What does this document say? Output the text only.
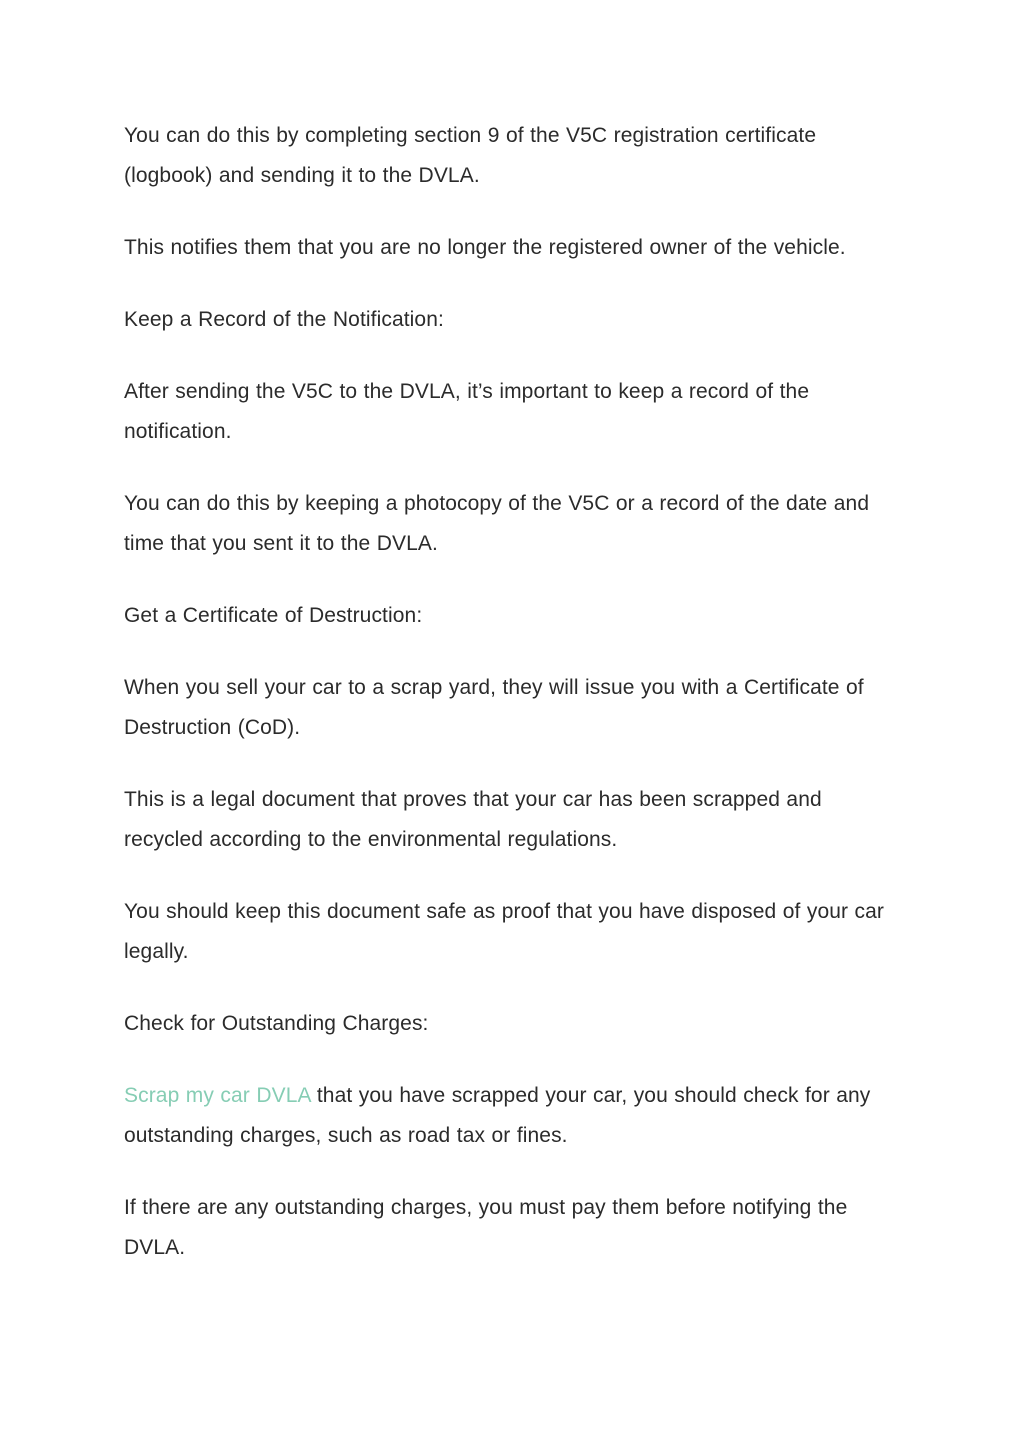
You can do this by completing section 9 of the V5C registration certificate (logbook) and sending it to the DVLA.

This notifies them that you are no longer the registered owner of the vehicle.

Keep a Record of the Notification:

After sending the V5C to the DVLA, it’s important to keep a record of the notification.

You can do this by keeping a photocopy of the V5C or a record of the date and time that you sent it to the DVLA.

Get a Certificate of Destruction:

When you sell your car to a scrap yard, they will issue you with a Certificate of Destruction (CoD).

This is a legal document that proves that your car has been scrapped and recycled according to the environmental regulations.

You should keep this document safe as proof that you have disposed of your car legally.

Check for Outstanding Charges:

Scrap my car DVLA that you have scrapped your car, you should check for any outstanding charges, such as road tax or fines.

If there are any outstanding charges, you must pay them before notifying the DVLA.
